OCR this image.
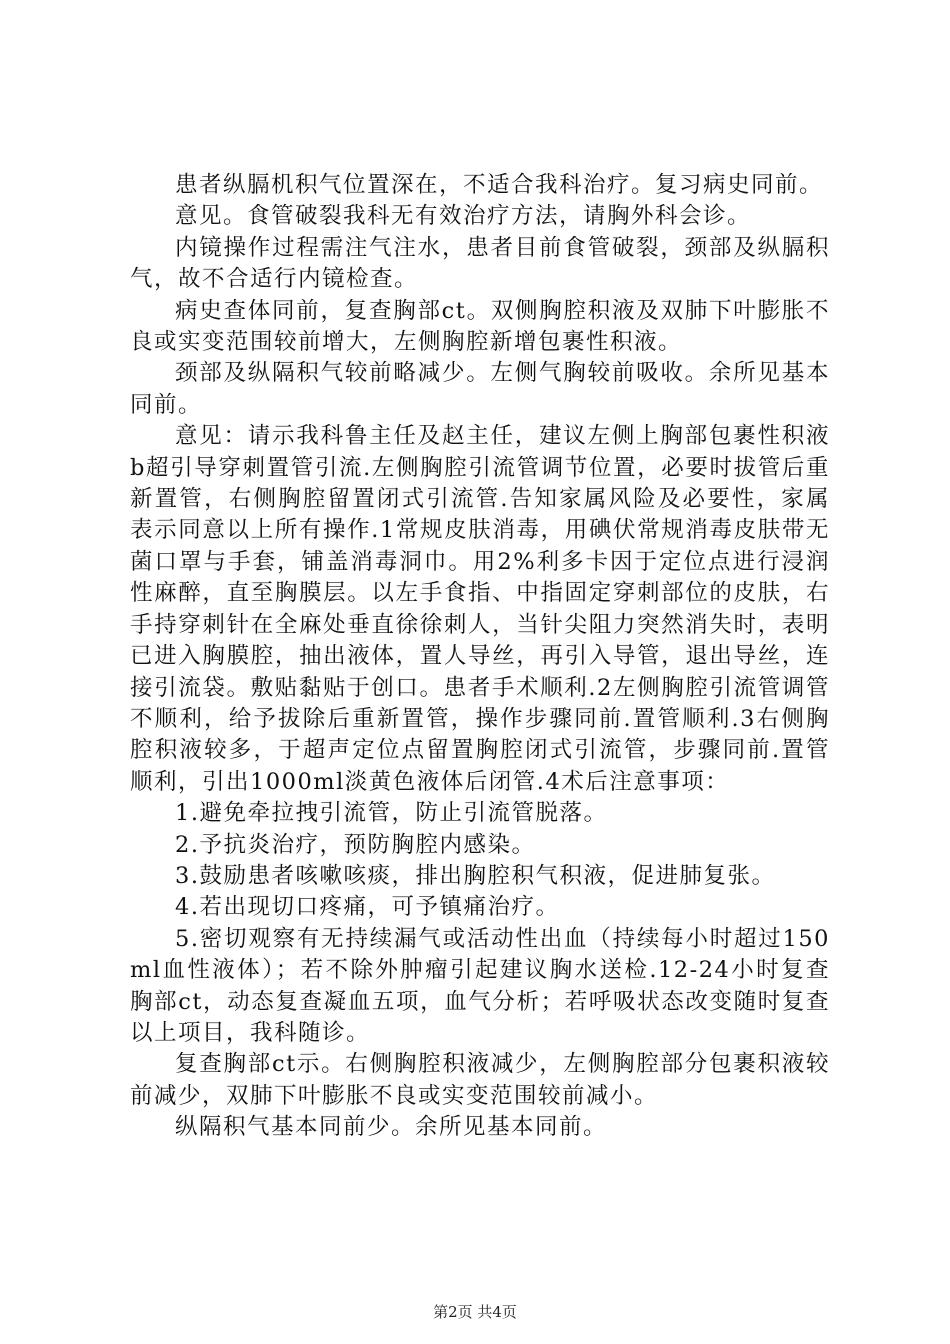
患者纵膈机积气位置深在，不适合我科治疗。复习病史同前。

意见。食管破裂我科无有效治疗方法，请胸外科会诊。

内镜操作过程需注气注水，患者目前食管破裂，颈部及纵膈积气，故不合适行内镜检查。

病史查体同前，复查胸部ct。双侧胸腔积液及双肺下叶膨胀不良或实变范围较前增大，左侧胸腔新增包裹性积液。

颈部及纵隔积气较前略减少。左侧气胸较前吸收。余所见基本同前。

意见：请示我科鲁主任及赵主任，建议左侧上胸部包裹性积液b超引导穿刺置管引流.左侧胸腔引流管调节位置，必要时拔管后重新置管，右侧胸腔留置闭式引流管.告知家属风险及必要性，家属表示同意以上所有操作.1常规皮肤消毒，用碘伏常规消毒皮肤带无菌口罩与手套，铺盖消毒洞巾。用2%利多卡因于定位点进行浸润性麻醉，直至胸膜层。以左手食指、中指固定穿刺部位的皮肤，右手持穿刺针在全麻处垂直徐徐刺人，当针尖阻力突然消失时，表明已进入胸膜腔，抽出液体，置人导丝，再引入导管，退出导丝，连接引流袋。敷贴黏贴于创口。患者手术顺利.2左侧胸腔引流管调管不顺利，给予拔除后重新置管，操作步骤同前.置管顺利.3右侧胸腔积液较多，于超声定位点留置胸腔闭式引流管，步骤同前.置管顺利，引出1000ml淡黄色液体后闭管.4术后注意事项：

1.避免牵拉拽引流管，防止引流管脱落。

2.予抗炎治疗，预防胸腔内感染。

3.鼓励患者咳嗽咳痰，排出胸腔积气积液，促进肺复张。

4.若出现切口疼痛，可予镇痛治疗。

5.密切观察有无持续漏气或活动性出血（持续每小时超过150ml血性液体）；若不除外肿瘤引起建议胸水送检.12-24小时复查胸部ct，动态复查凝血五项，血气分析；若呼吸状态改变随时复查以上项目，我科随诊。

复查胸部ct示。右侧胸腔积液减少，左侧胸腔部分包裹积液较前减少，双肺下叶膨胀不良或实变范围较前减小。

纵隔积气基本同前少。余所见基本同前。

第2页 共4页
